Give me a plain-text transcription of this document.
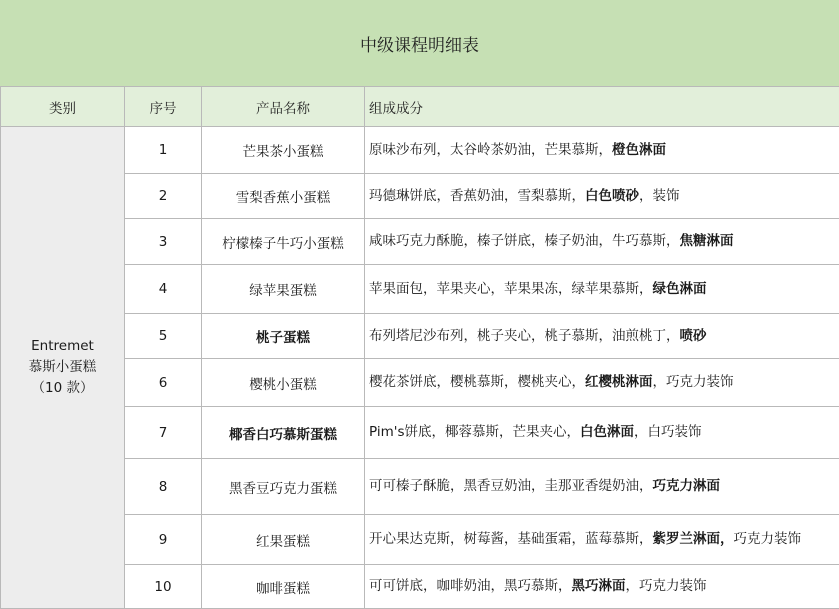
中级课程明细表
类别	序号	产品名称	组成成分

Entremet
慕斯小蛋糕
（10 款）	1	芒果茶小蛋糕	原味沙布列，太谷岭茶奶油，芒果慕斯，橙色淋面
	2	雪梨香蕉小蛋糕	玛德琳饼底，香蕉奶油，雪梨慕斯，白色喷砂，装饰
	3	柠檬榛子牛巧小蛋糕	咸味巧克力酥脆，榛子饼底，榛子奶油，牛巧慕斯，焦糖淋面
	4	绿苹果蛋糕	苹果面包，苹果夹心，苹果果冻，绿苹果慕斯，绿色淋面
	5	桃子蛋糕	布列塔尼沙布列，桃子夹心，桃子慕斯，油煎桃丁，喷砂
	6	樱桃小蛋糕	樱花茶饼底，樱桃慕斯，樱桃夹心，红樱桃淋面，巧克力装饰
	7	椰香白巧慕斯蛋糕	Pim's饼底，椰蓉慕斯，芒果夹心，白色淋面，白巧装饰
	8	黑香豆巧克力蛋糕	可可榛子酥脆，黑香豆奶油，圭那亚香缇奶油，巧克力淋面
	9	红果蛋糕	开心果达克斯，树莓酱，基础蛋霜，蓝莓慕斯，紫罗兰淋面，巧克力装饰
	10	咖啡蛋糕	可可饼底，咖啡奶油，黑巧慕斯，黑巧淋面，巧克力装饰
